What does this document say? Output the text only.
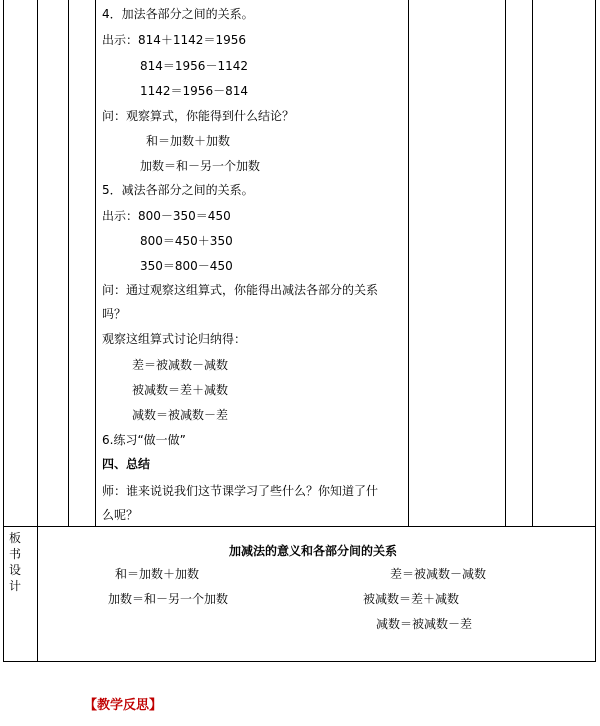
4．加法各部分之间的关系。
出示：814＋1142＝1956
814＝1956－1142
1142＝1956－814
问：观察算式，你能得到什么结论？
和＝加数＋加数
加数＝和－另一个加数
5．减法各部分之间的关系。
出示：800－350＝450
800＝450＋350
350＝800－450
问：通过观察这组算式，你能得出减法各部分的关系
吗？
观察这组算式讨论归纳得：
差＝被减数－减数
被减数＝差＋减数
减数＝被减数－差
6.练习“做一做”
四、总结
师：谁来说说我们这节课学习了些什么？你知道了什
么呢？
板
书
设
计
加减法的意义和各部分间的关系
和＝加数＋加数
加数＝和－另一个加数
差＝被减数－减数
被减数＝差＋减数
减数＝被减数－差
【教学反思】
